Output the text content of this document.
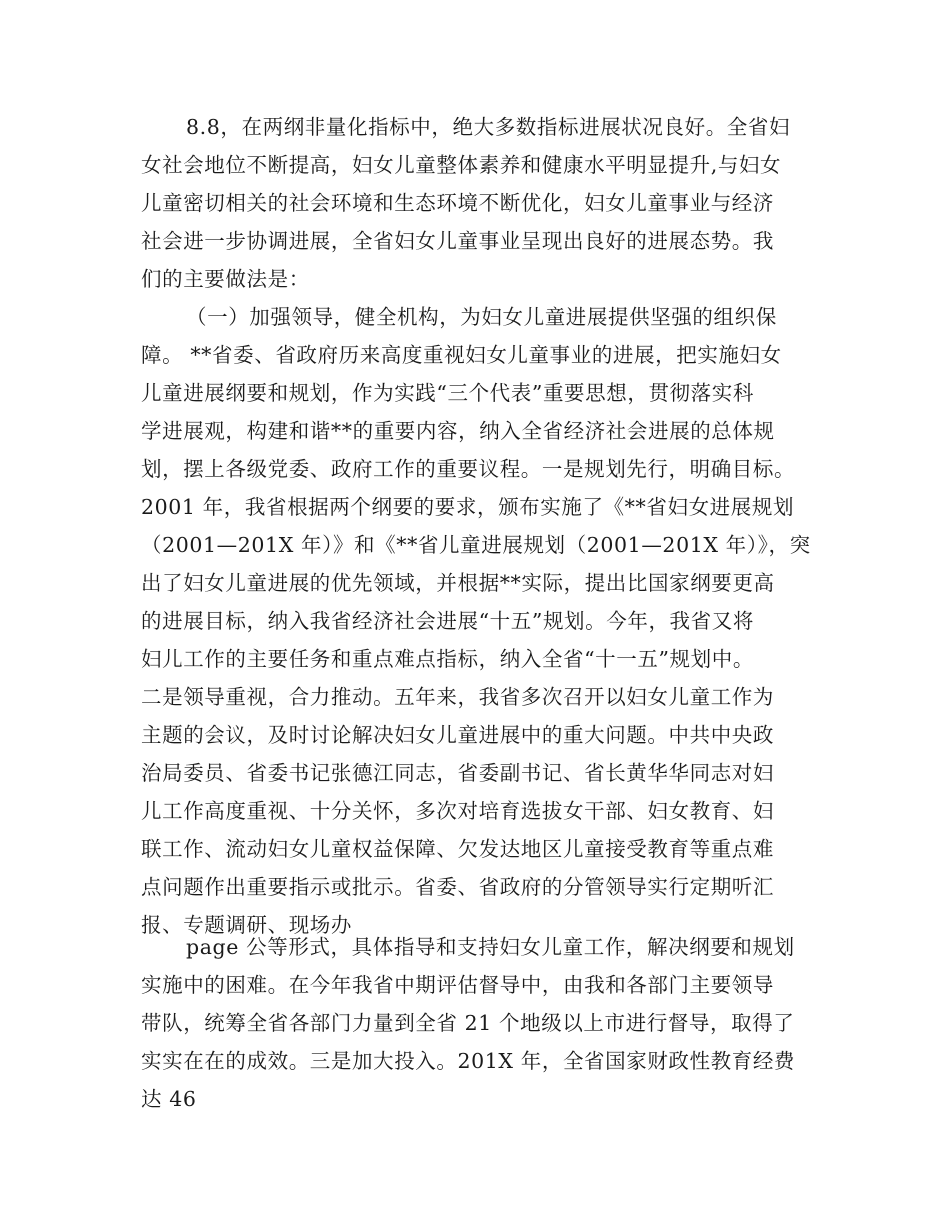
8.8，在两纲非量化指标中，绝大多数指标进展状况良好。全省妇
女社会地位不断提高，妇女儿童整体素养和健康水平明显提升,与妇女
儿童密切相关的社会环境和生态环境不断优化，妇女儿童事业与经济
社会进一步协调进展，全省妇女儿童事业呈现出良好的进展态势。我
们的主要做法是：
（一）加强领导，健全机构，为妇女儿童进展提供坚强的组织保
障。 **省委、省政府历来高度重视妇女儿童事业的进展，把实施妇女
儿童进展纲要和规划，作为实践“三个代表”重要思想，贯彻落实科
学进展观，构建和谐**的重要内容，纳入全省经济社会进展的总体规
划，摆上各级党委、政府工作的重要议程。一是规划先行，明确目标。
2001 年，我省根据两个纲要的要求，颁布实施了《**省妇女进展规划
（2001—201X 年）》和《**省儿童进展规划（2001—201X 年）》，突
出了妇女儿童进展的优先领域，并根据**实际，提出比国家纲要更高
的进展目标，纳入我省经济社会进展“十五”规划。今年，我省又将
妇儿工作的主要任务和重点难点指标，纳入全省“十一五”规划中。
二是领导重视，合力推动。五年来，我省多次召开以妇女儿童工作为
主题的会议，及时讨论解决妇女儿童进展中的重大问题。中共中央政
治局委员、省委书记张德江同志，省委副书记、省长黄华华同志对妇
儿工作高度重视、十分关怀，多次对培育选拔女干部、妇女教育、妇
联工作、流动妇女儿童权益保障、欠发达地区儿童接受教育等重点难
点问题作出重要指示或批示。省委、省政府的分管领导实行定期听汇
报、专题调研、现场办
page 公等形式，具体指导和支持妇女儿童工作，解决纲要和规划
实施中的困难。在今年我省中期评估督导中，由我和各部门主要领导
带队，统筹全省各部门力量到全省 21 个地级以上市进行督导，取得了
实实在在的成效。三是加大投入。201X 年，全省国家财政性教育经费
达 46
